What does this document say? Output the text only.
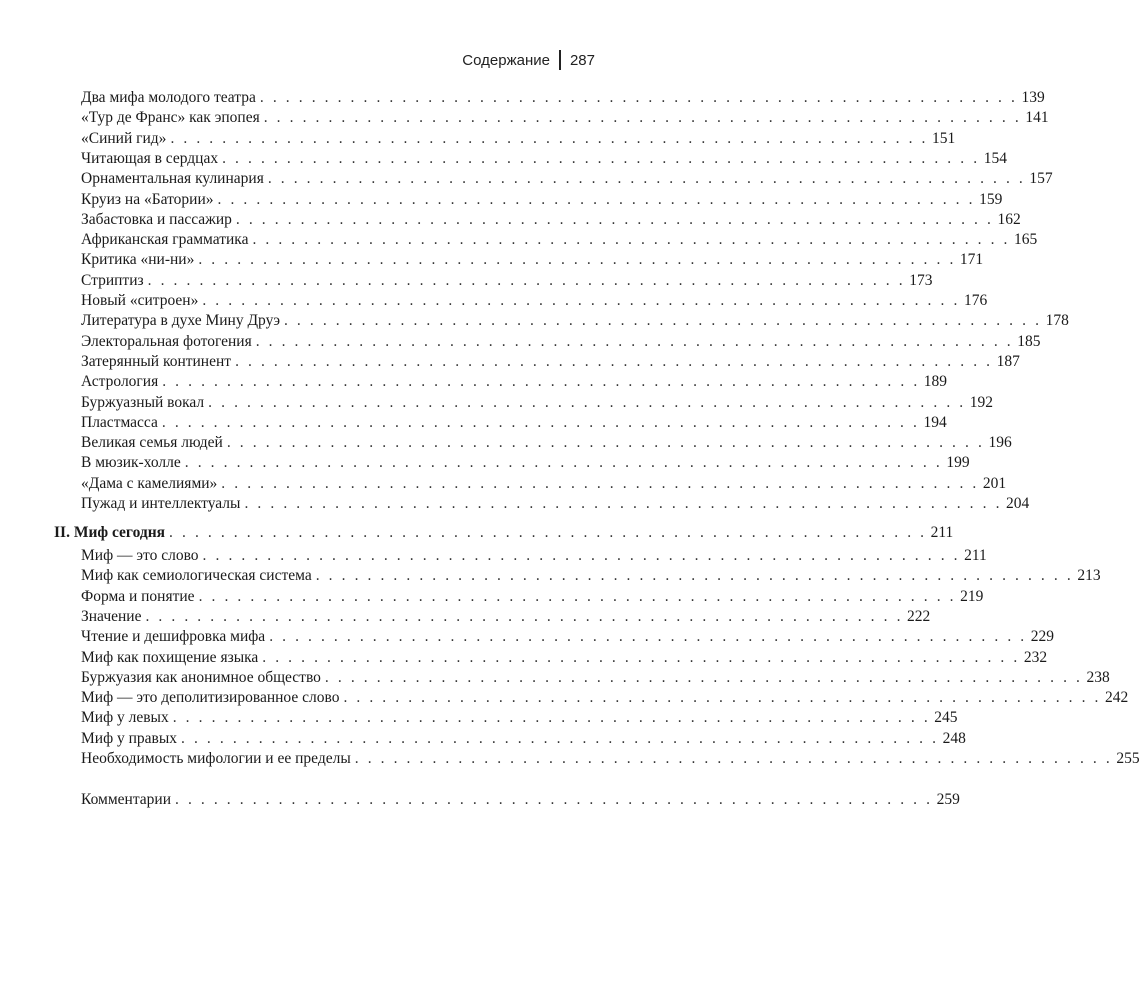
Содержание 287
Два мифа молодого театра . . . . . . . . . . . . . . . . . . . . . . . . . . . . . . . . . . . . . . . . . . . . . . . . . . . . . . . . . . . 139
«Тур де Франс» как эпопея . . . . . . . . . . . . . . . . . . . . . . . . . . . . . . . . . . . . . . . . . . . . . . . . . . . . . . . . . . . 141
«Синий гид» . . . . . . . . . . . . . . . . . . . . . . . . . . . . . . . . . . . . . . . . . . . . . . . . . . . . . . . . . . . 151
Читающая в сердцах . . . . . . . . . . . . . . . . . . . . . . . . . . . . . . . . . . . . . . . . . . . . . . . . . . . . . . . . . . . 154
Орнаментальная кулинария . . . . . . . . . . . . . . . . . . . . . . . . . . . . . . . . . . . . . . . . . . . . . . . . . . . . . . . . . . . 157
Круиз на «Батории» . . . . . . . . . . . . . . . . . . . . . . . . . . . . . . . . . . . . . . . . . . . . . . . . . . . . . . . . . . . 159
Забастовка и пассажир . . . . . . . . . . . . . . . . . . . . . . . . . . . . . . . . . . . . . . . . . . . . . . . . . . . . . . . . . . . 162
Африканская грамматика . . . . . . . . . . . . . . . . . . . . . . . . . . . . . . . . . . . . . . . . . . . . . . . . . . . . . . . . . . . 165
Критика «ни-ни» . . . . . . . . . . . . . . . . . . . . . . . . . . . . . . . . . . . . . . . . . . . . . . . . . . . . . . . . . . . 171
Стриптиз . . . . . . . . . . . . . . . . . . . . . . . . . . . . . . . . . . . . . . . . . . . . . . . . . . . . . . . . . . . 173
Новый «ситроен» . . . . . . . . . . . . . . . . . . . . . . . . . . . . . . . . . . . . . . . . . . . . . . . . . . . . . . . . . . . 176
Литература в духе Мину Друэ . . . . . . . . . . . . . . . . . . . . . . . . . . . . . . . . . . . . . . . . . . . . . . . . . . . . . . . . . . . 178
Электоральная фотогения . . . . . . . . . . . . . . . . . . . . . . . . . . . . . . . . . . . . . . . . . . . . . . . . . . . . . . . . . . . 185
Затерянный континент . . . . . . . . . . . . . . . . . . . . . . . . . . . . . . . . . . . . . . . . . . . . . . . . . . . . . . . . . . . 187
Астрология . . . . . . . . . . . . . . . . . . . . . . . . . . . . . . . . . . . . . . . . . . . . . . . . . . . . . . . . . . . 189
Буржуазный вокал . . . . . . . . . . . . . . . . . . . . . . . . . . . . . . . . . . . . . . . . . . . . . . . . . . . . . . . . . . . 192
Пластмасса . . . . . . . . . . . . . . . . . . . . . . . . . . . . . . . . . . . . . . . . . . . . . . . . . . . . . . . . . . . 194
Великая семья людей . . . . . . . . . . . . . . . . . . . . . . . . . . . . . . . . . . . . . . . . . . . . . . . . . . . . . . . . . . . 196
В мюзик-холле . . . . . . . . . . . . . . . . . . . . . . . . . . . . . . . . . . . . . . . . . . . . . . . . . . . . . . . . . . . 199
«Дама с камелиями» . . . . . . . . . . . . . . . . . . . . . . . . . . . . . . . . . . . . . . . . . . . . . . . . . . . . . . . . . . . 201
Пужад и интеллектуалы . . . . . . . . . . . . . . . . . . . . . . . . . . . . . . . . . . . . . . . . . . . . . . . . . . . . . . . . . . . 204
II. Миф сегодня . . . . . . . . . . . . . . . . . . . . . . . . . . . . . . . . . . . . . . . . . . . . . . . . . . . . . . . . . . . 211
Миф — это слово . . . . . . . . . . . . . . . . . . . . . . . . . . . . . . . . . . . . . . . . . . . . . . . . . . . . . . . . . . . 211
Миф как семиологическая система . . . . . . . . . . . . . . . . . . . . . . . . . . . . . . . . . . . . . . . . . . . . . . . . . . . . . . . . . . . 213
Форма и понятие . . . . . . . . . . . . . . . . . . . . . . . . . . . . . . . . . . . . . . . . . . . . . . . . . . . . . . . . . . . 219
Значение . . . . . . . . . . . . . . . . . . . . . . . . . . . . . . . . . . . . . . . . . . . . . . . . . . . . . . . . . . . 222
Чтение и дешифровка мифа . . . . . . . . . . . . . . . . . . . . . . . . . . . . . . . . . . . . . . . . . . . . . . . . . . . . . . . . . . . 229
Миф как похищение языка . . . . . . . . . . . . . . . . . . . . . . . . . . . . . . . . . . . . . . . . . . . . . . . . . . . . . . . . . . . 232
Буржуазия как анонимное общество . . . . . . . . . . . . . . . . . . . . . . . . . . . . . . . . . . . . . . . . . . . . . . . . . . . . . . . . . . . 238
Миф — это деполитизированное слово . . . . . . . . . . . . . . . . . . . . . . . . . . . . . . . . . . . . . . . . . . . . . . . . . . . . . . . . . . . 242
Миф у левых . . . . . . . . . . . . . . . . . . . . . . . . . . . . . . . . . . . . . . . . . . . . . . . . . . . . . . . . . . . 245
Миф у правых . . . . . . . . . . . . . . . . . . . . . . . . . . . . . . . . . . . . . . . . . . . . . . . . . . . . . . . . . . . 248
Необходимость мифологии и ее пределы . . . . . . . . . . . . . . . . . . . . . . . . . . . . . . . . . . . . . . . . . . . . . . . . . . . . . . . . . . . 255
Комментарии . . . . . . . . . . . . . . . . . . . . . . . . . . . . . . . . . . . . . . . . . . . . . . . . . . . . . . . . . . . 259
